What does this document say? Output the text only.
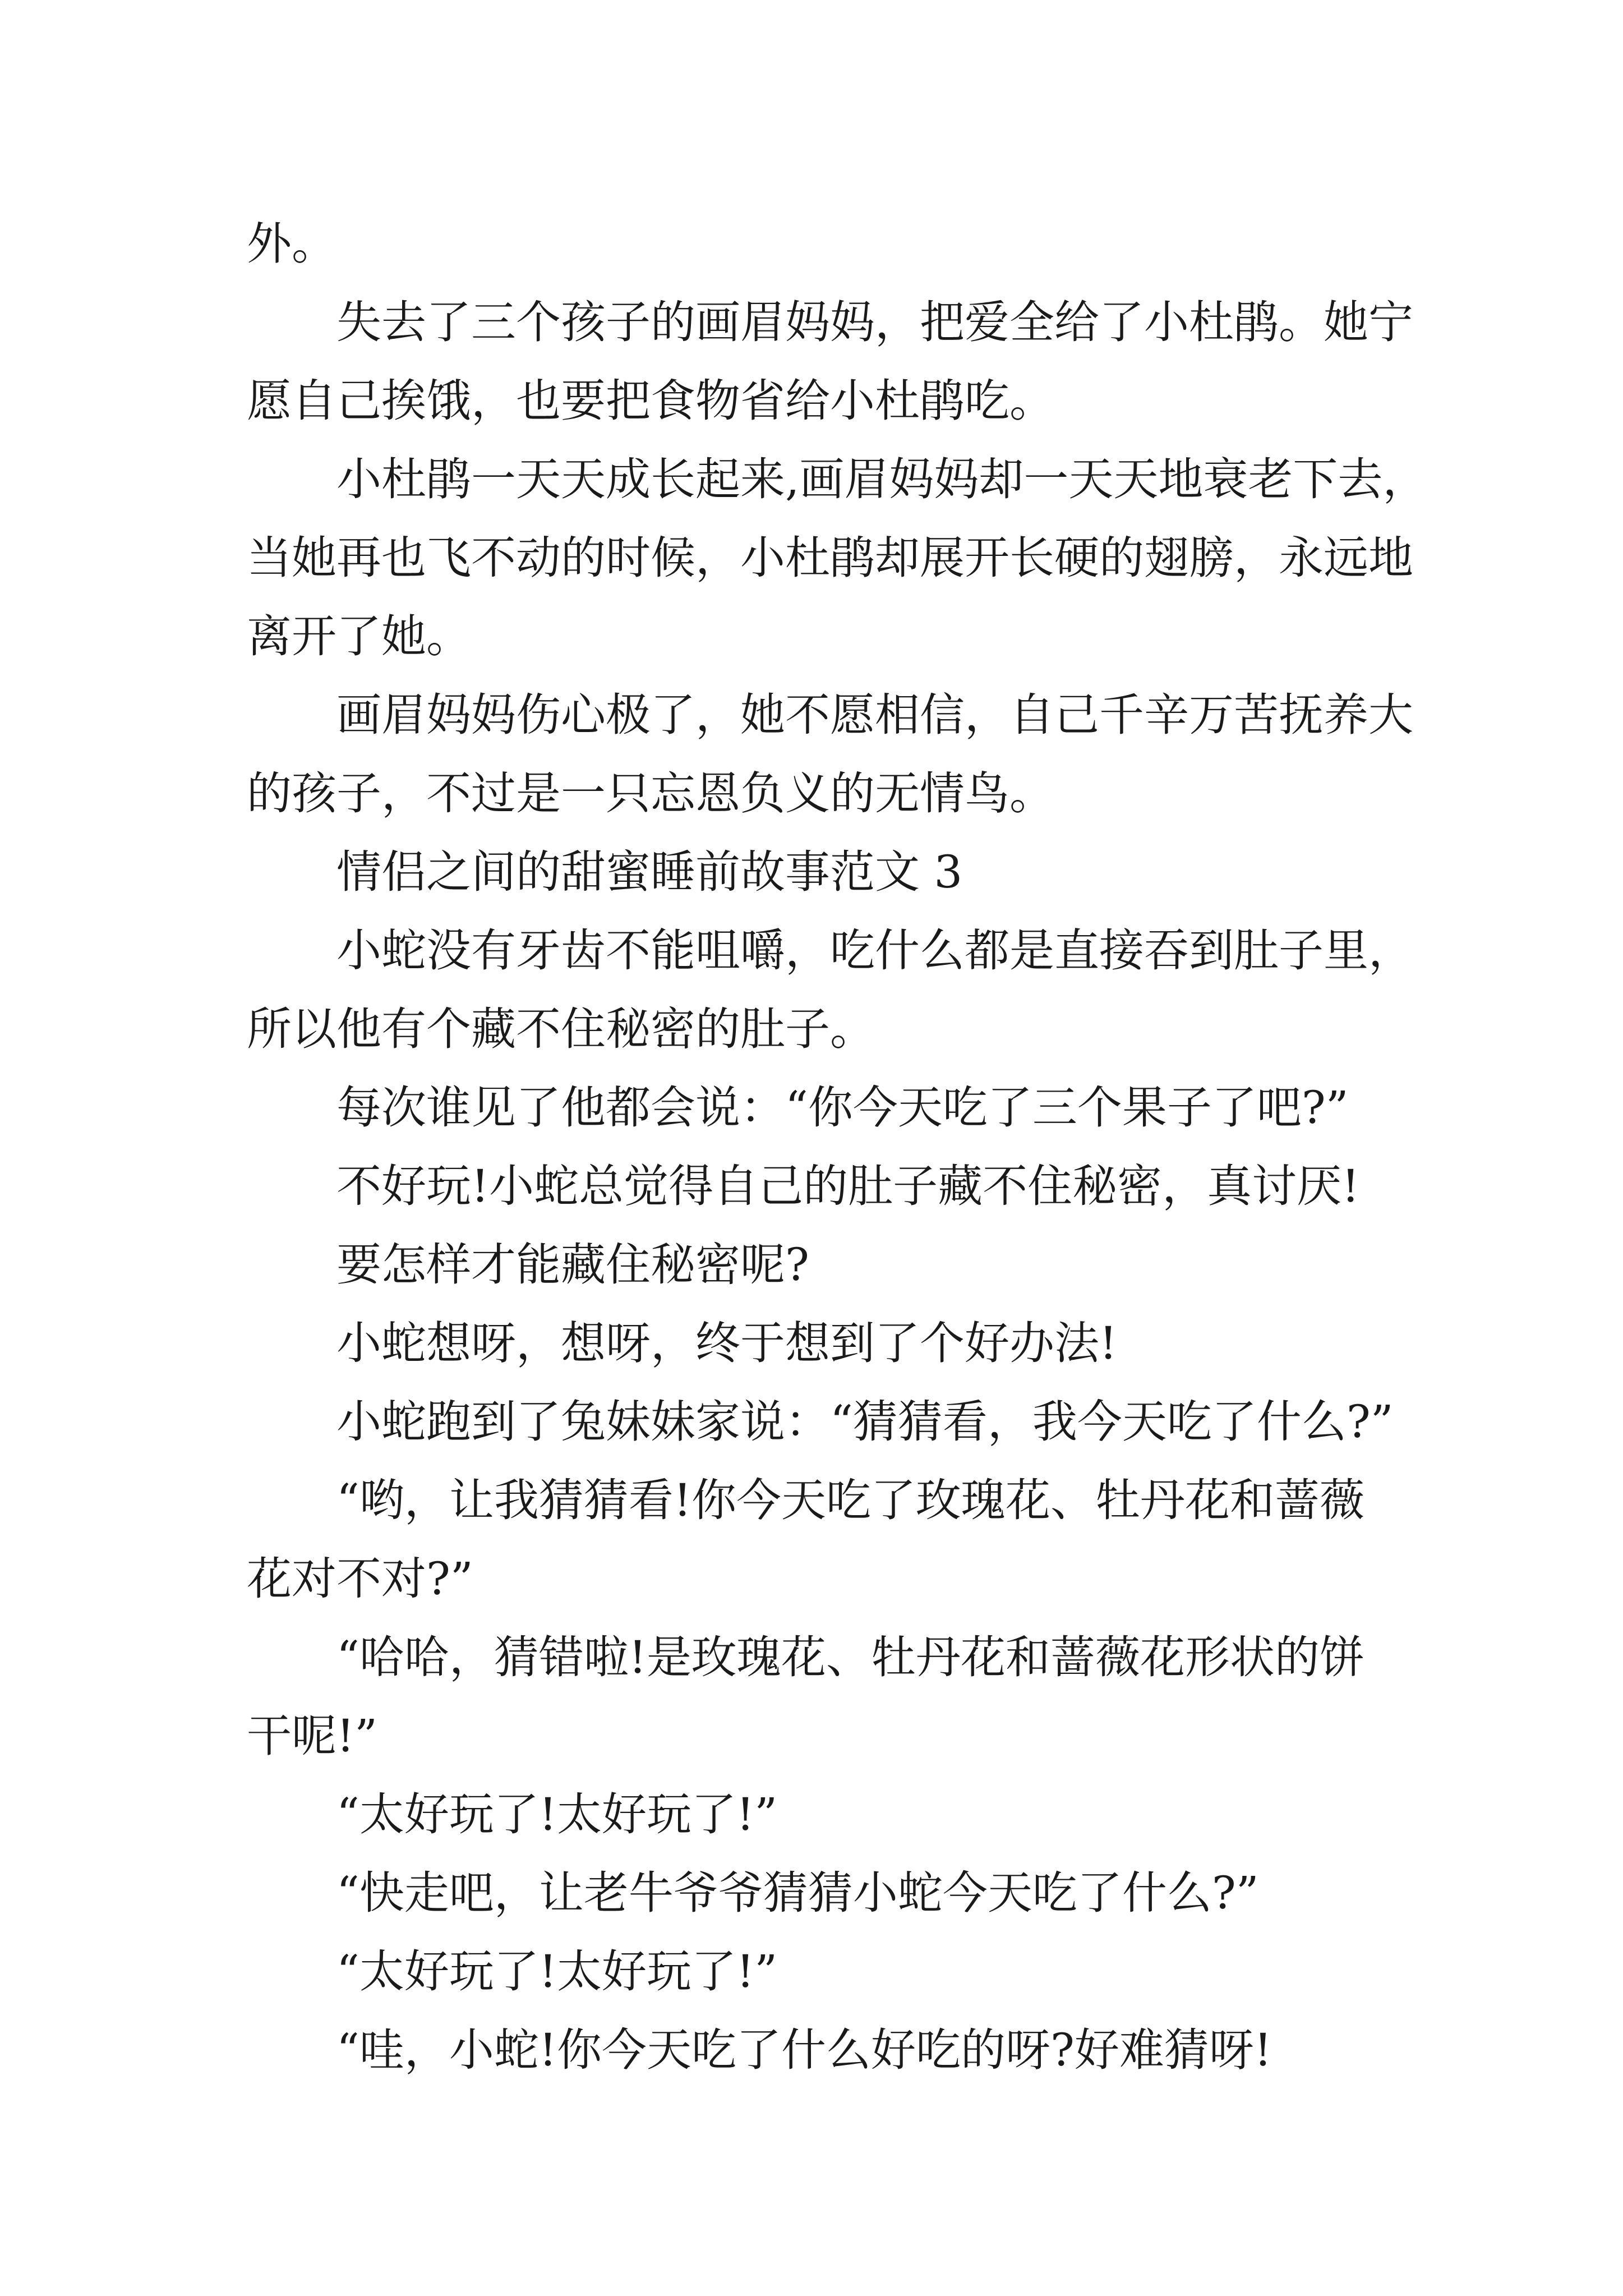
外。
失去了三个孩子的画眉妈妈，把爱全给了小杜鹃。她宁
愿自己挨饿，也要把食物省给小杜鹃吃。
小杜鹃一天天成长起来,画眉妈妈却一天天地衰老下去，
当她再也飞不动的时候，小杜鹃却展开长硬的翅膀，永远地
离开了她。
画眉妈妈伤心极了，她不愿相信，自己千辛万苦抚养大
的孩子，不过是一只忘恩负义的无情鸟。
情侣之间的甜蜜睡前故事范文 3
小蛇没有牙齿不能咀嚼，吃什么都是直接吞到肚子里，
所以他有个藏不住秘密的肚子。
每次谁见了他都会说：“你今天吃了三个果子了吧?”
不好玩!小蛇总觉得自己的肚子藏不住秘密，真讨厌!
要怎样才能藏住秘密呢?
小蛇想呀，想呀，终于想到了个好办法!
小蛇跑到了兔妹妹家说：“猜猜看，我今天吃了什么?”
“哟，让我猜猜看!你今天吃了玫瑰花、牡丹花和蔷薇
花对不对?”
“哈哈，猜错啦!是玫瑰花、牡丹花和蔷薇花形状的饼
干呢!”
“太好玩了!太好玩了!”
“快走吧，让老牛爷爷猜猜小蛇今天吃了什么?”
“太好玩了!太好玩了!”
“哇，小蛇!你今天吃了什么好吃的呀?好难猜呀!
